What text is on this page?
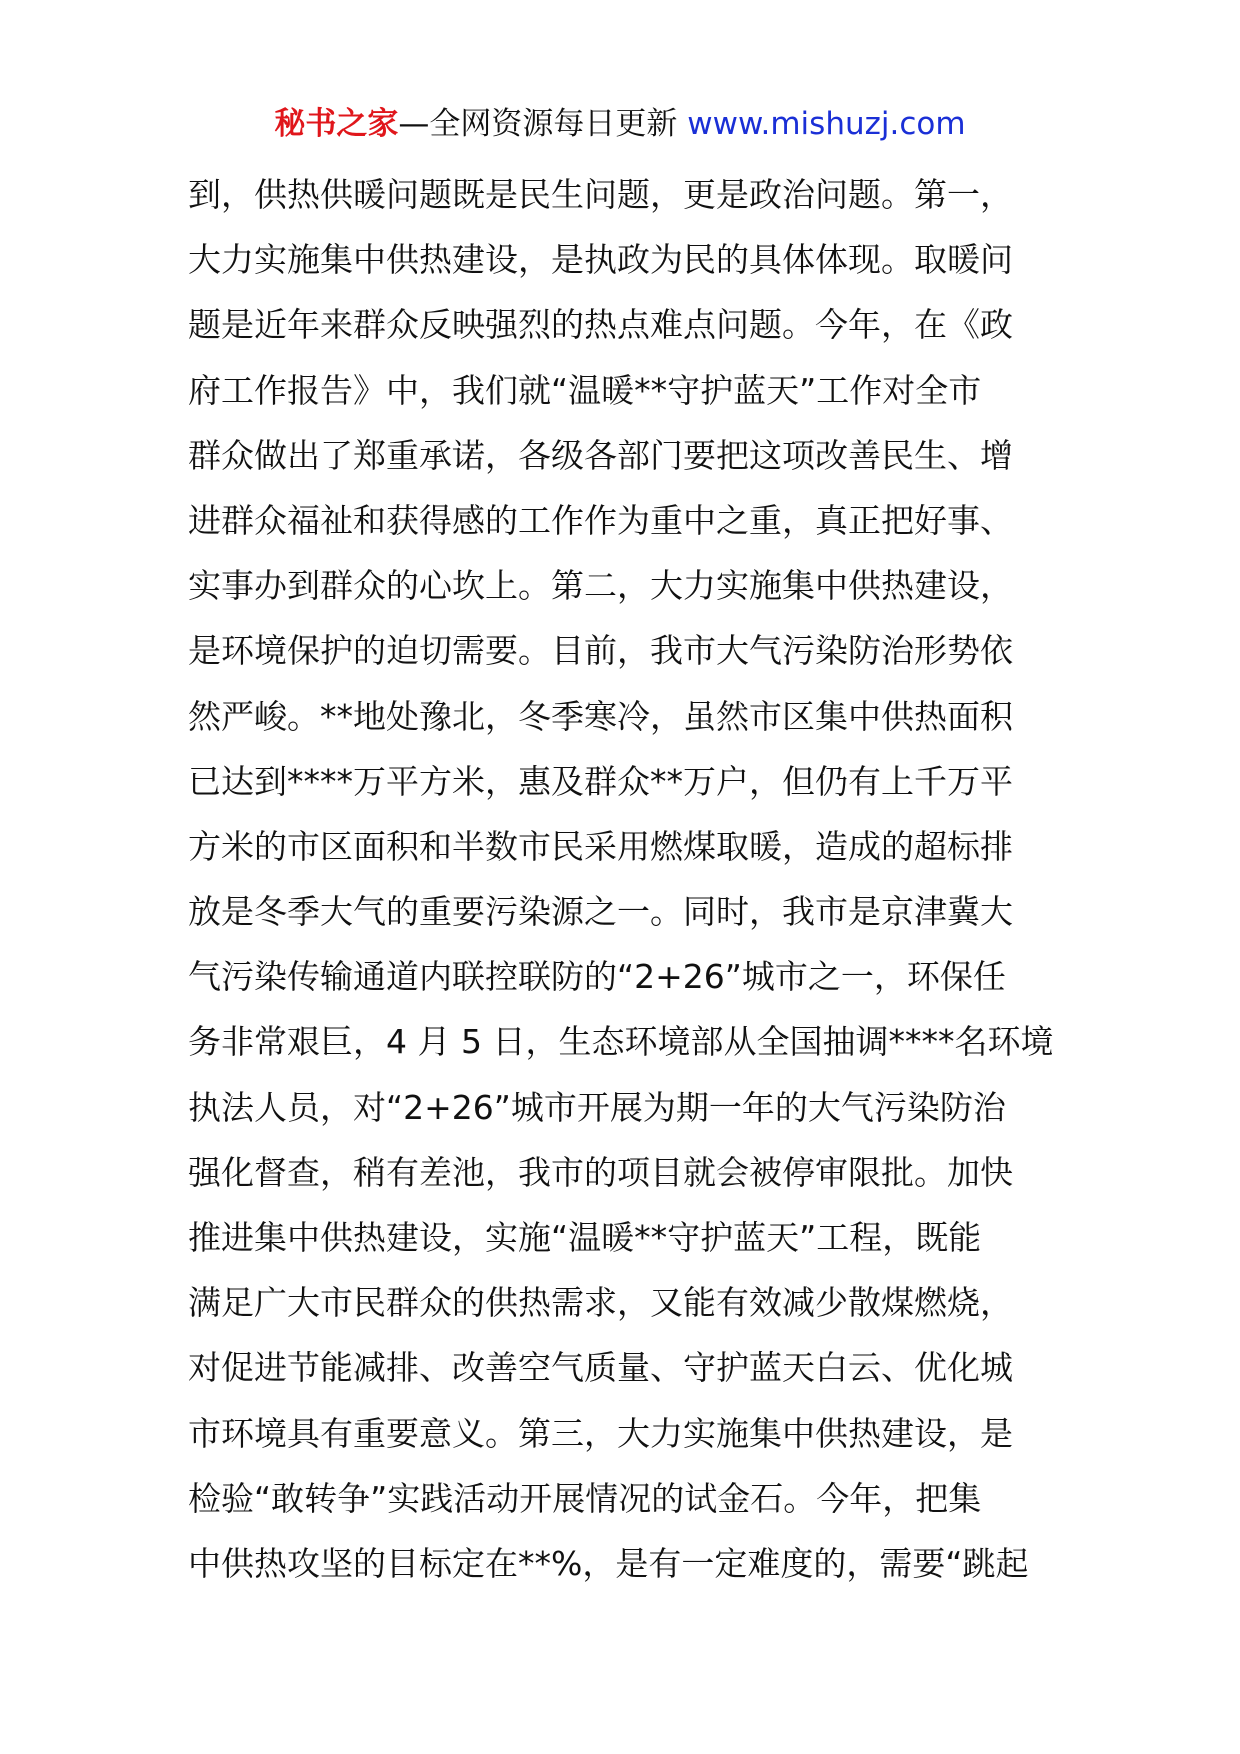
秘书之家—全网资源每日更新 www.mishuzj.com
到，供热供暖问题既是民生问题，更是政治问题。第一，
大力实施集中供热建设，是执政为民的具体体现。取暖问
题是近年来群众反映强烈的热点难点问题。今年，在《政
府工作报告》中，我们就“温暖**守护蓝天”工作对全市
群众做出了郑重承诺，各级各部门要把这项改善民生、增
进群众福祉和获得感的工作作为重中之重，真正把好事、
实事办到群众的心坎上。第二，大力实施集中供热建设，
是环境保护的迫切需要。目前，我市大气污染防治形势依
然严峻。**地处豫北，冬季寒冷，虽然市区集中供热面积
已达到****万平方米，惠及群众**万户，但仍有上千万平
方米的市区面积和半数市民采用燃煤取暖，造成的超标排
放是冬季大气的重要污染源之一。同时，我市是京津冀大
气污染传输通道内联控联防的“2+26”城市之一，环保任
务非常艰巨，4 月 5 日，生态环境部从全国抽调****名环境
执法人员，对“2+26”城市开展为期一年的大气污染防治
强化督查，稍有差池，我市的项目就会被停审限批。加快
推进集中供热建设，实施“温暖**守护蓝天”工程，既能
满足广大市民群众的供热需求，又能有效减少散煤燃烧，
对促进节能减排、改善空气质量、守护蓝天白云、优化城
市环境具有重要意义。第三，大力实施集中供热建设，是
检验“敢转争”实践活动开展情况的试金石。今年，把集
中供热攻坚的目标定在**%，是有一定难度的，需要“跳起
